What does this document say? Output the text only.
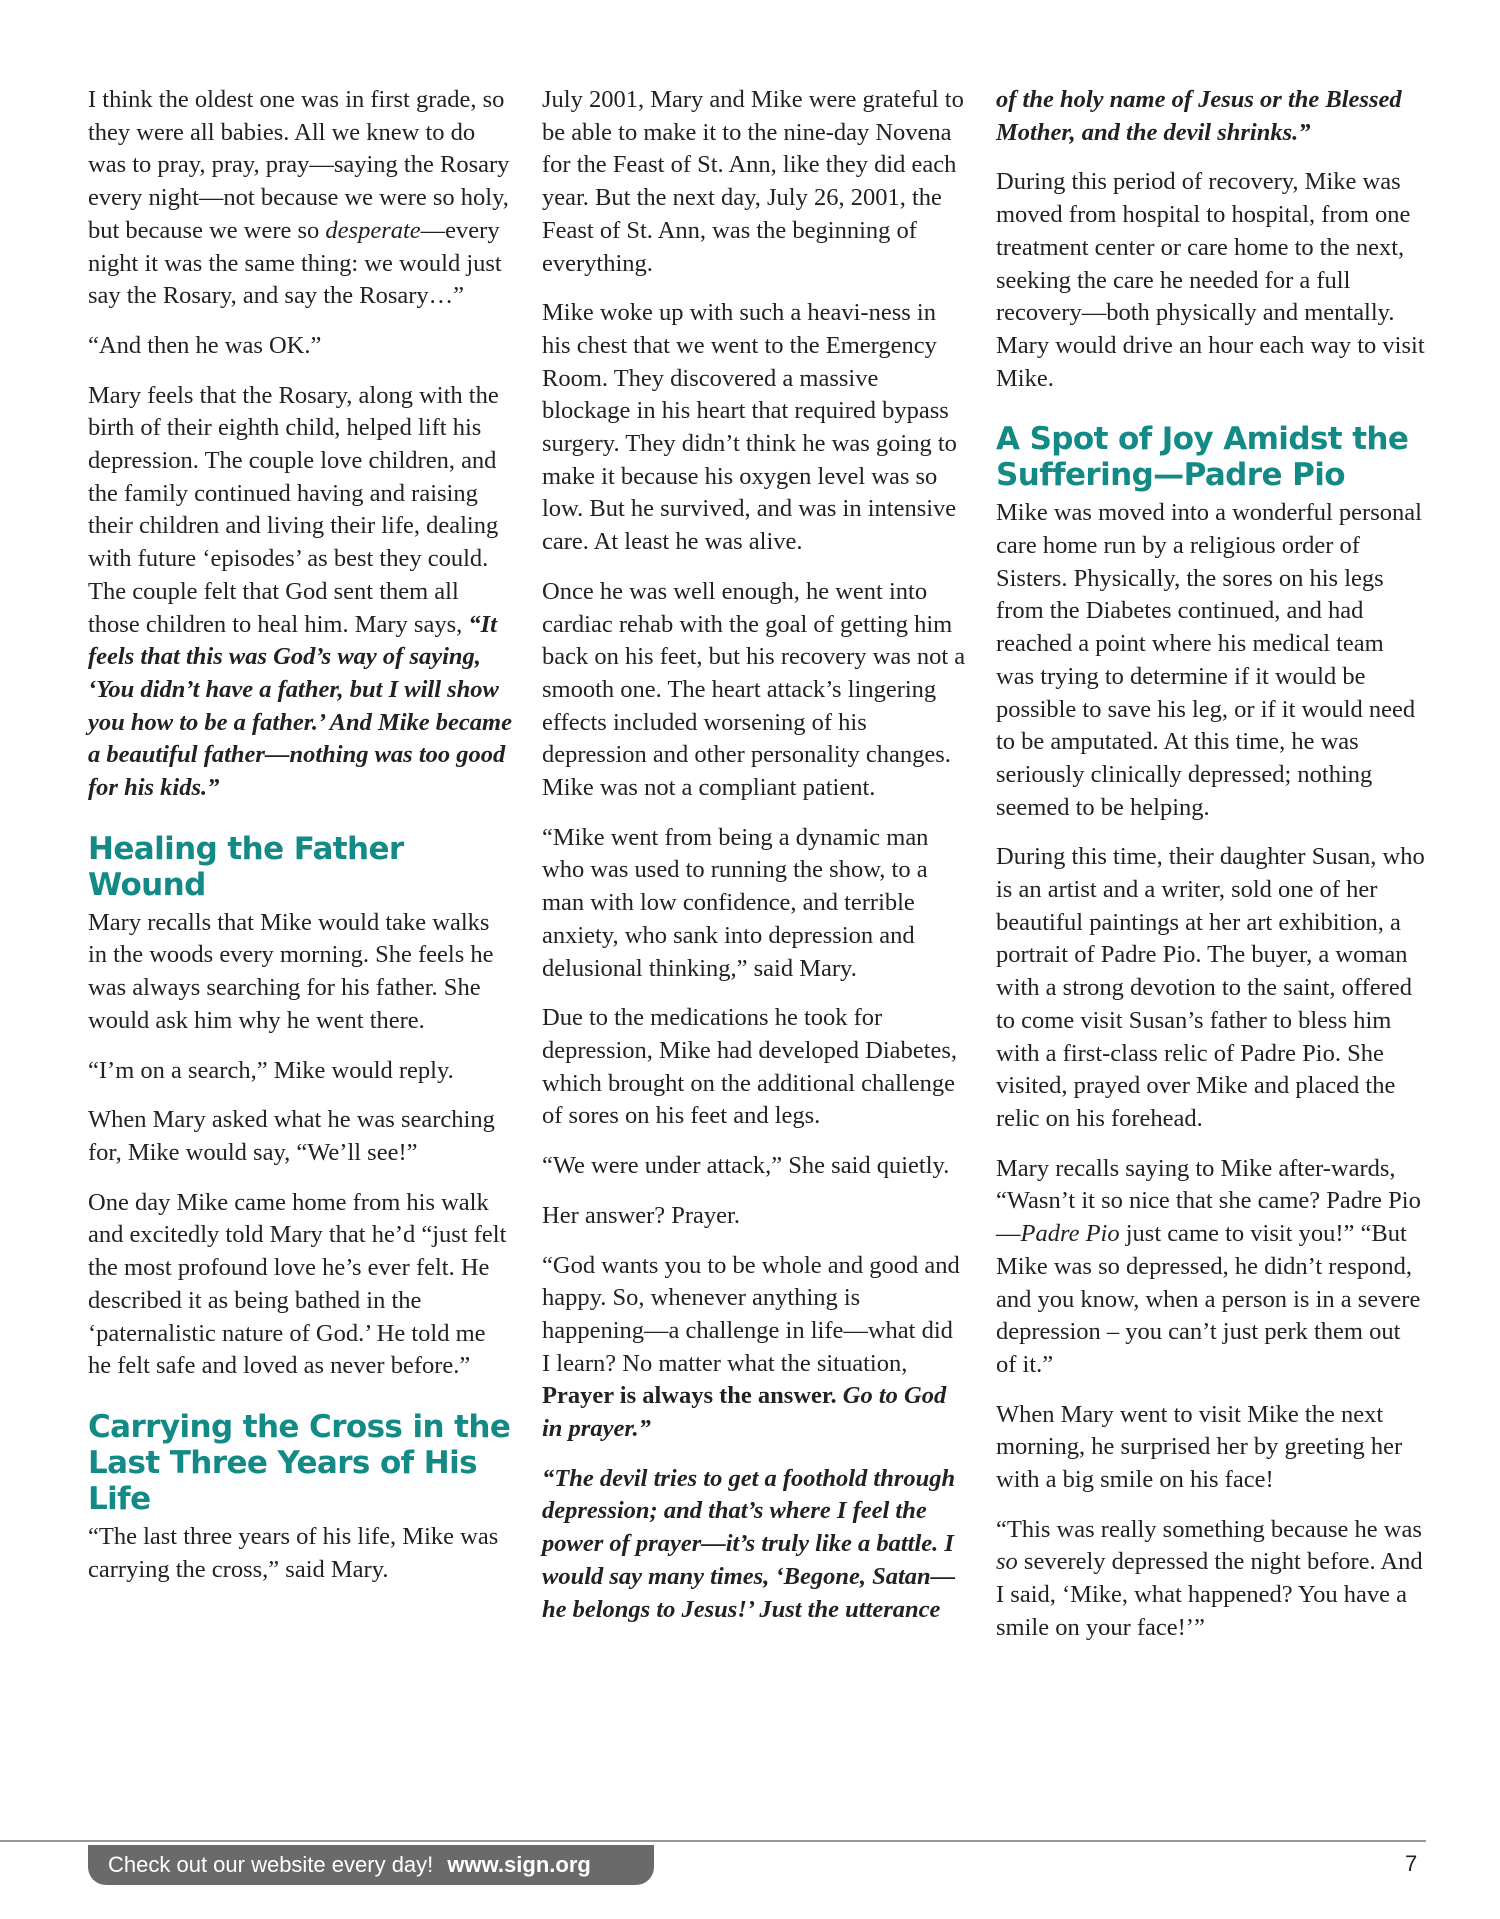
I think the oldest one was in first grade, so they were all babies. All we knew to do was to pray, pray, pray—saying the Rosary every night—not because we were so holy, but because we were so desperate—every night it was the same thing: we would just say the Rosary, and say the Rosary…”

“And then he was OK.”

Mary feels that the Rosary, along with the birth of their eighth child, helped lift his depression. The couple love children, and the family continued having and raising their children and living their life, dealing with future ‘episodes’ as best they could. The couple felt that God sent them all those children to heal him. Mary says, “It feels that this was God’s way of saying, ‘You didn’t have a father, but I will show you how to be a father.’ And Mike became a beautiful father—nothing was too good for his kids.”

Healing the Father Wound

Mary recalls that Mike would take walks in the woods every morning. She feels he was always searching for his father. She would ask him why he went there.

“I’m on a search,” Mike would reply.

When Mary asked what he was searching for, Mike would say, “We’ll see!”

One day Mike came home from his walk and excitedly told Mary that he’d “just felt the most profound love he’s ever felt. He described it as being bathed in the ‘paternalistic nature of God.’ He told me he felt safe and loved as never before.”

Carrying the Cross in the Last Three Years of His Life

“The last three years of his life, Mike was carrying the cross,” said Mary.

July 2001, Mary and Mike were grateful to be able to make it to the nine-day Novena for the Feast of St. Ann, like they did each year. But the next day, July 26, 2001, the Feast of St. Ann, was the beginning of everything.

Mike woke up with such a heavi-ness in his chest that we went to the Emergency Room. They discovered a massive blockage in his heart that required bypass surgery. They didn’t think he was going to make it because his oxygen level was so low. But he survived, and was in intensive care. At least he was alive.

Once he was well enough, he went into cardiac rehab with the goal of getting him back on his feet, but his recovery was not a smooth one. The heart attack’s lingering effects included worsening of his depression and other personality changes. Mike was not a compliant patient.

“Mike went from being a dynamic man who was used to running the show, to a man with low confidence, and terrible anxiety, who sank into depression and delusional thinking,” said Mary.

Due to the medications he took for depression, Mike had developed Diabetes, which brought on the additional challenge of sores on his feet and legs.

“We were under attack,” She said quietly.

Her answer? Prayer.

“God wants you to be whole and good and happy. So, whenever anything is happening—a challenge in life—what did I learn? No matter what the situation, Prayer is always the answer. Go to God in prayer.”

“The devil tries to get a foothold through depression; and that’s where I feel the power of prayer—it’s truly like a battle. I would say many times, ‘Begone, Satan—he belongs to Jesus!’ Just the utterance

of the holy name of Jesus or the Blessed Mother, and the devil shrinks.”

During this period of recovery, Mike was moved from hospital to hospital, from one treatment center or care home to the next, seeking the care he needed for a full recovery—both physically and mentally. Mary would drive an hour each way to visit Mike.

A Spot of Joy Amidst the Suffering—Padre Pio

Mike was moved into a wonderful personal care home run by a religious order of Sisters. Physically, the sores on his legs from the Diabetes continued, and had reached a point where his medical team was trying to determine if it would be possible to save his leg, or if it would need to be amputated. At this time, he was seriously clinically depressed; nothing seemed to be helping.

During this time, their daughter Susan, who is an artist and a writer, sold one of her beautiful paintings at her art exhibition, a portrait of Padre Pio. The buyer, a woman with a strong devotion to the saint, offered to come visit Susan’s father to bless him with a first-class relic of Padre Pio. She visited, prayed over Mike and placed the relic on his forehead.

Mary recalls saying to Mike after-wards, “Wasn’t it so nice that she came? Padre Pio—Padre Pio just came to visit you!” “But Mike was so depressed, he didn’t respond, and you know, when a person is in a severe depression – you can’t just perk them out of it.”

When Mary went to visit Mike the next morning, he surprised her by greeting her with a big smile on his face!

“This was really something because he was so severely depressed the night before. And I said, ‘Mike, what happened? You have a smile on your face!’”

Check out our website every day! www.sign.org	7
